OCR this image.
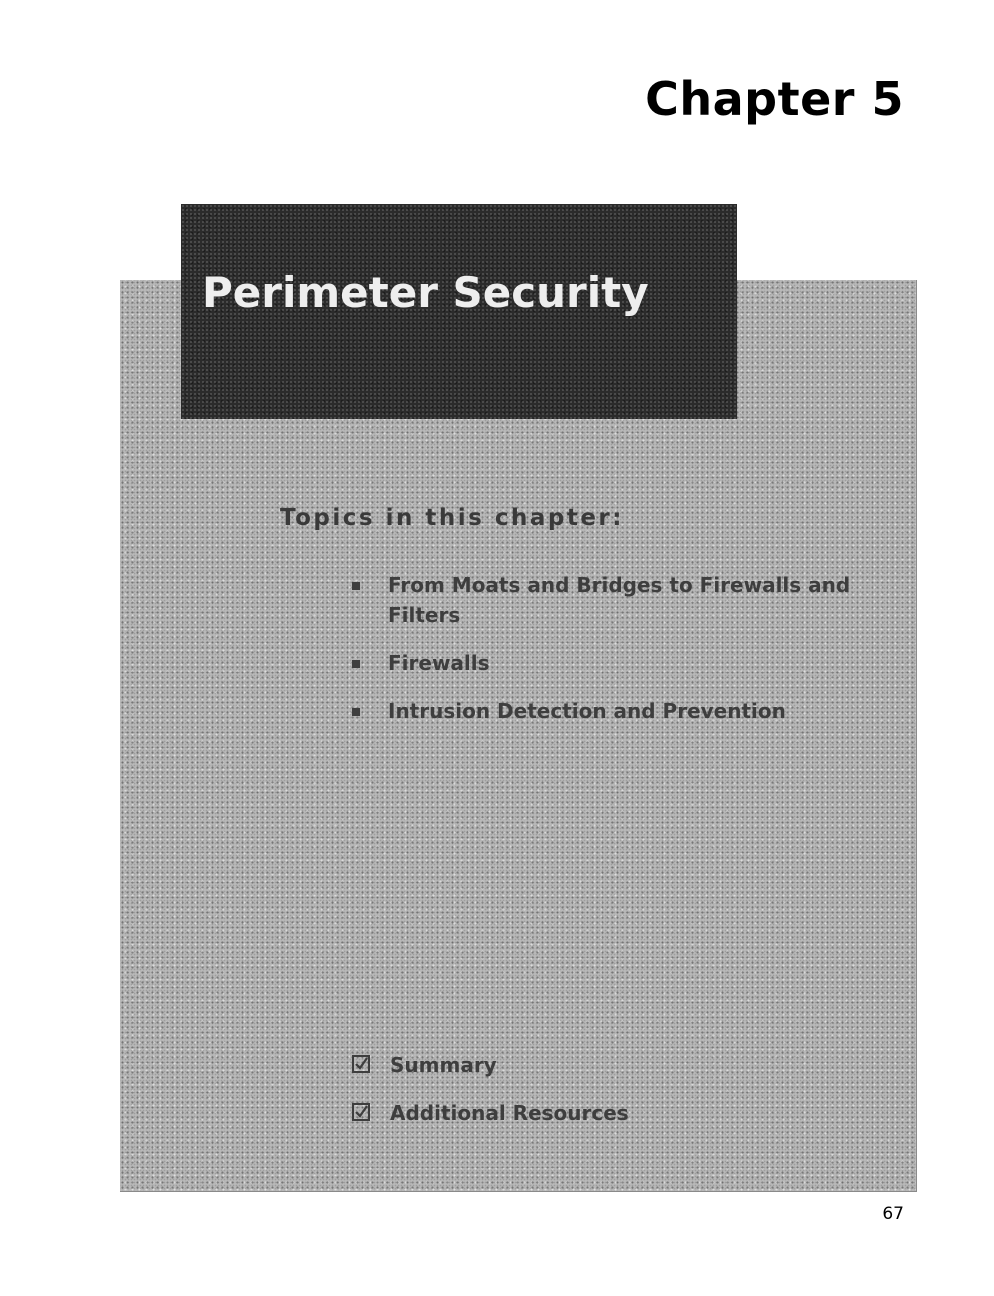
Chapter 5
Perimeter Security
Topics in this chapter:
From Moats and Bridges to Firewalls and Filters
Firewalls
Intrusion Detection and Prevention
Summary
Additional Resources

67
